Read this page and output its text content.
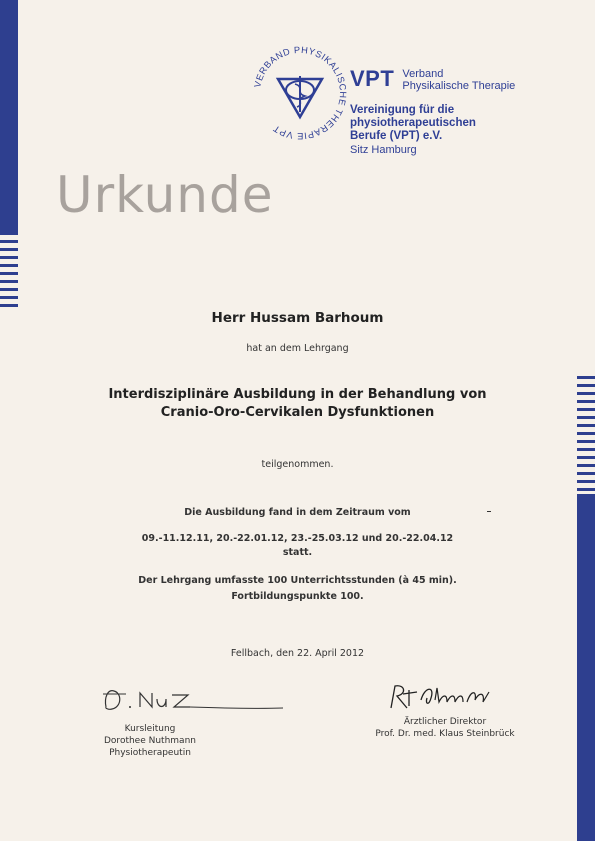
VERBAND PHYSIKALISCHE THERAPIE VPT
VPT Verband
Physikalische Therapie
Vereinigung für die
physiotherapeutischen
Berufe (VPT) e.V.
Sitz Hamburg
Urkunde
Herr Hussam Barhoum
hat an dem Lehrgang
Interdisziplinäre Ausbildung in der Behandlung von
Cranio-Oro-Cervikalen Dysfunktionen
teilgenommen.
Die Ausbildung fand in dem Zeitraum vom
09.-11.12.11, 20.-22.01.12, 23.-25.03.12 und 20.-22.04.12
statt.
Der Lehrgang umfasste 100 Unterrichtsstunden (à 45 min).
Fortbildungspunkte 100.
Fellbach, den 22. April 2012
Kursleitung
Dorothee Nuthmann
Physiotherapeutin
Ärztlicher Direktor
Prof. Dr. med. Klaus Steinbrück
